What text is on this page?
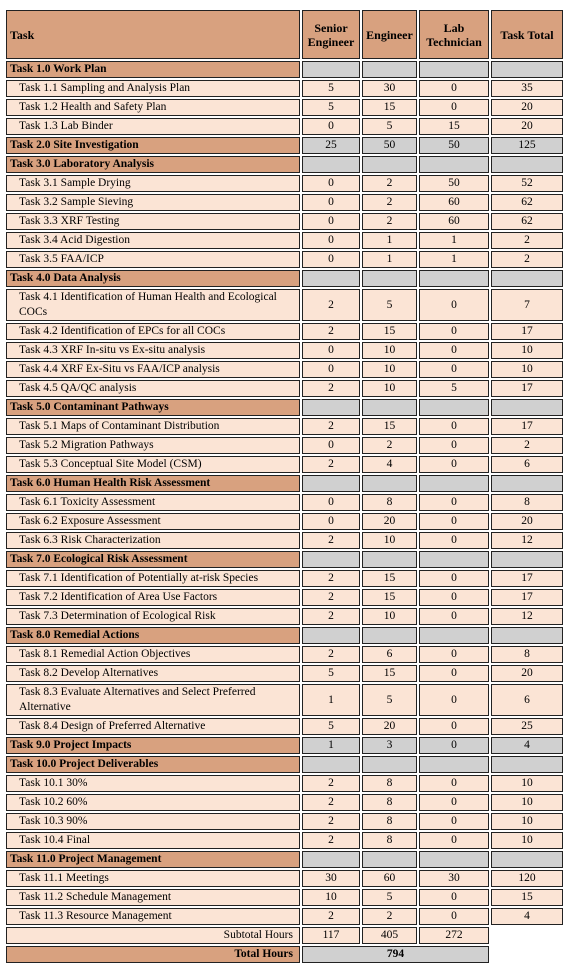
Task	Senior Engineer	Engineer	Lab Technician	Task Total
Task 1.0 Work Plan				
Task 1.1 Sampling and Analysis Plan	5	30	0	35
Task 1.2 Health and Safety Plan	5	15	0	20
Task 1.3 Lab Binder	0	5	15	20
Task 2.0 Site Investigation	25	50	50	125
Task 3.0 Laboratory Analysis				
Task 3.1 Sample Drying	0	2	50	52
Task 3.2 Sample Sieving	0	2	60	62
Task 3.3 XRF Testing	0	2	60	62
Task 3.4 Acid Digestion	0	1	1	2
Task 3.5 FAA/ICP	0	1	1	2
Task 4.0 Data Analysis				
Task 4.1 Identification of Human Health and Ecological COCs	2	5	0	7
Task 4.2 Identification of EPCs for all COCs	2	15	0	17
Task 4.3 XRF In-situ vs Ex-situ analysis	0	10	0	10
Task 4.4 XRF Ex-Situ vs FAA/ICP analysis	0	10	0	10
Task 4.5 QA/QC analysis	2	10	5	17
Task 5.0 Contaminant Pathways				
Task 5.1 Maps of Contaminant Distribution	2	15	0	17
Task 5.2 Migration Pathways	0	2	0	2
Task 5.3 Conceptual Site Model (CSM)	2	4	0	6
Task 6.0 Human Health Risk Assessment				
Task 6.1 Toxicity Assessment	0	8	0	8
Task 6.2 Exposure Assessment	0	20	0	20
Task 6.3 Risk Characterization	2	10	0	12
Task 7.0 Ecological Risk Assessment				
Task 7.1 Identification of Potentially at-risk Species	2	15	0	17
Task 7.2 Identification of Area Use Factors	2	15	0	17
Task 7.3 Determination of Ecological Risk	2	10	0	12
Task 8.0 Remedial Actions				
Task 8.1 Remedial Action Objectives	2	6	0	8
Task 8.2 Develop Alternatives	5	15	0	20
Task 8.3 Evaluate Alternatives and Select Preferred Alternative	1	5	0	6
Task 8.4 Design of Preferred Alternative	5	20	0	25
Task 9.0 Project Impacts	1	3	0	4
Task 10.0 Project Deliverables				
Task 10.1 30%	2	8	0	10
Task 10.2 60%	2	8	0	10
Task 10.3 90%	2	8	0	10
Task 10.4 Final	2	8	0	10
Task 11.0 Project Management				
Task 11.1 Meetings	30	60	30	120
Task 11.2 Schedule Management	10	5	0	15
Task 11.3 Resource Management	2	2	0	4
Subtotal Hours	117	405	272	
Total Hours	794			
